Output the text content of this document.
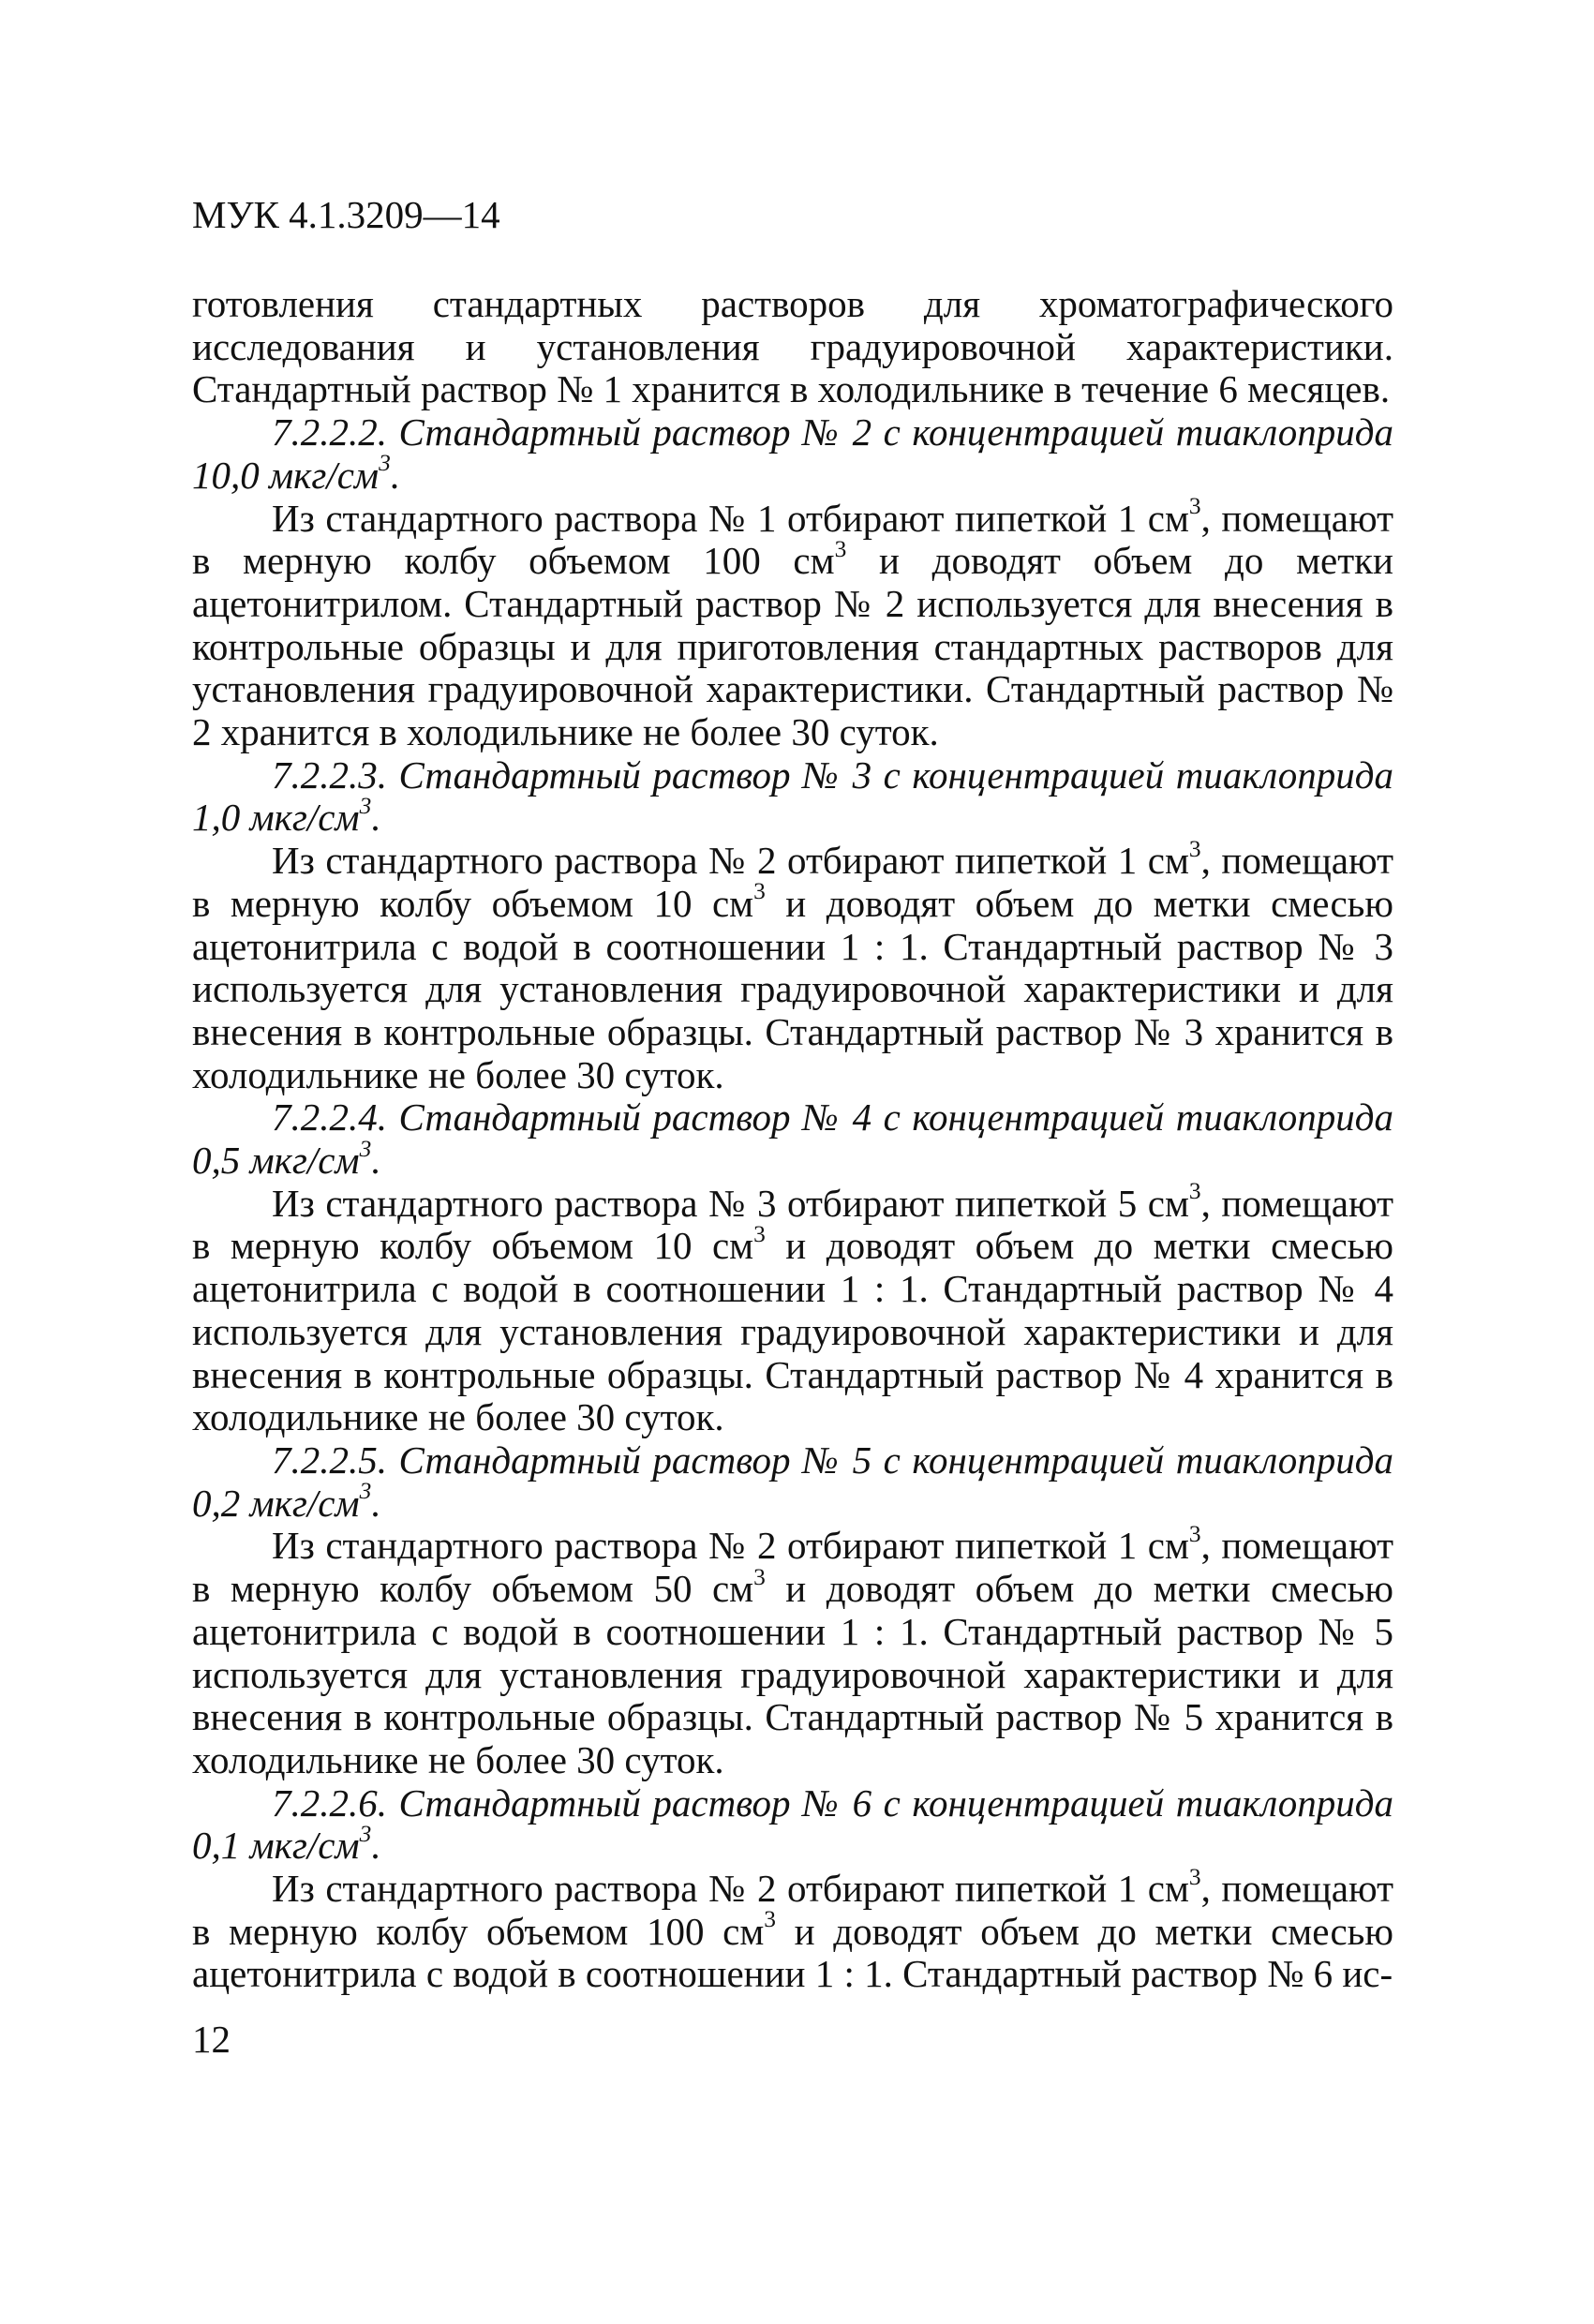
МУК 4.1.3209—14

готовления стандартных растворов для хроматографического исследования и установления градуировочной характеристики. Стандартный раствор № 1 хранится в холодильнике в течение 6 месяцев.

7.2.2.2. Стандартный раствор № 2 с концентрацией тиаклоприда 10,0 мкг/$см^3$.

Из стандартного раствора № 1 отбирают пипеткой 1 $см^3$, помещают в мерную колбу объемом 100 $см^3$ и доводят объем до метки ацетонитрилом. Стандартный раствор № 2 используется для внесения в контрольные образцы и для приготовления стандартных растворов для установления градуировочной характеристики. Стандартный раствор № 2 хранится в холодильнике не более 30 суток.

7.2.2.3. Стандартный раствор № 3 с концентрацией тиаклоприда 1,0 мкг/$см^3$.

Из стандартного раствора № 2 отбирают пипеткой 1 $см^3$, помещают в мерную колбу объемом 10 $см^3$ и доводят объем до метки смесью ацетонитрила с водой в соотношении 1 : 1. Стандартный раствор № 3 используется для установления градуировочной характеристики и для внесения в контрольные образцы. Стандартный раствор № 3 хранится в холодильнике не более 30 суток.

7.2.2.4. Стандартный раствор № 4 с концентрацией тиаклоприда 0,5 мкг/$см^3$.

Из стандартного раствора № 3 отбирают пипеткой 5 $см^3$, помещают в мерную колбу объемом 10 $см^3$ и доводят объем до метки смесью ацетонитрила с водой в соотношении 1 : 1. Стандартный раствор № 4 используется для установления градуировочной характеристики и для внесения в контрольные образцы. Стандартный раствор № 4 хранится в холодильнике не более 30 суток.

7.2.2.5. Стандартный раствор № 5 с концентрацией тиаклоприда 0,2 мкг/$см^3$.

Из стандартного раствора № 2 отбирают пипеткой 1 $см^3$, помещают в мерную колбу объемом 50 $см^3$ и доводят объем до метки смесью ацетонитрила с водой в соотношении 1 : 1. Стандартный раствор № 5 используется для установления градуировочной характеристики и для внесения в контрольные образцы. Стандартный раствор № 5 хранится в холодильнике не более 30 суток.

7.2.2.6. Стандартный раствор № 6 с концентрацией тиаклоприда 0,1 мкг/$см^3$.

Из стандартного раствора № 2 отбирают пипеткой 1 $см^3$, помещают в мерную колбу объемом 100 $см^3$ и доводят объем до метки смесью ацетонитрила с водой в соотношении 1 : 1. Стандартный раствор № 6 ис-

12
